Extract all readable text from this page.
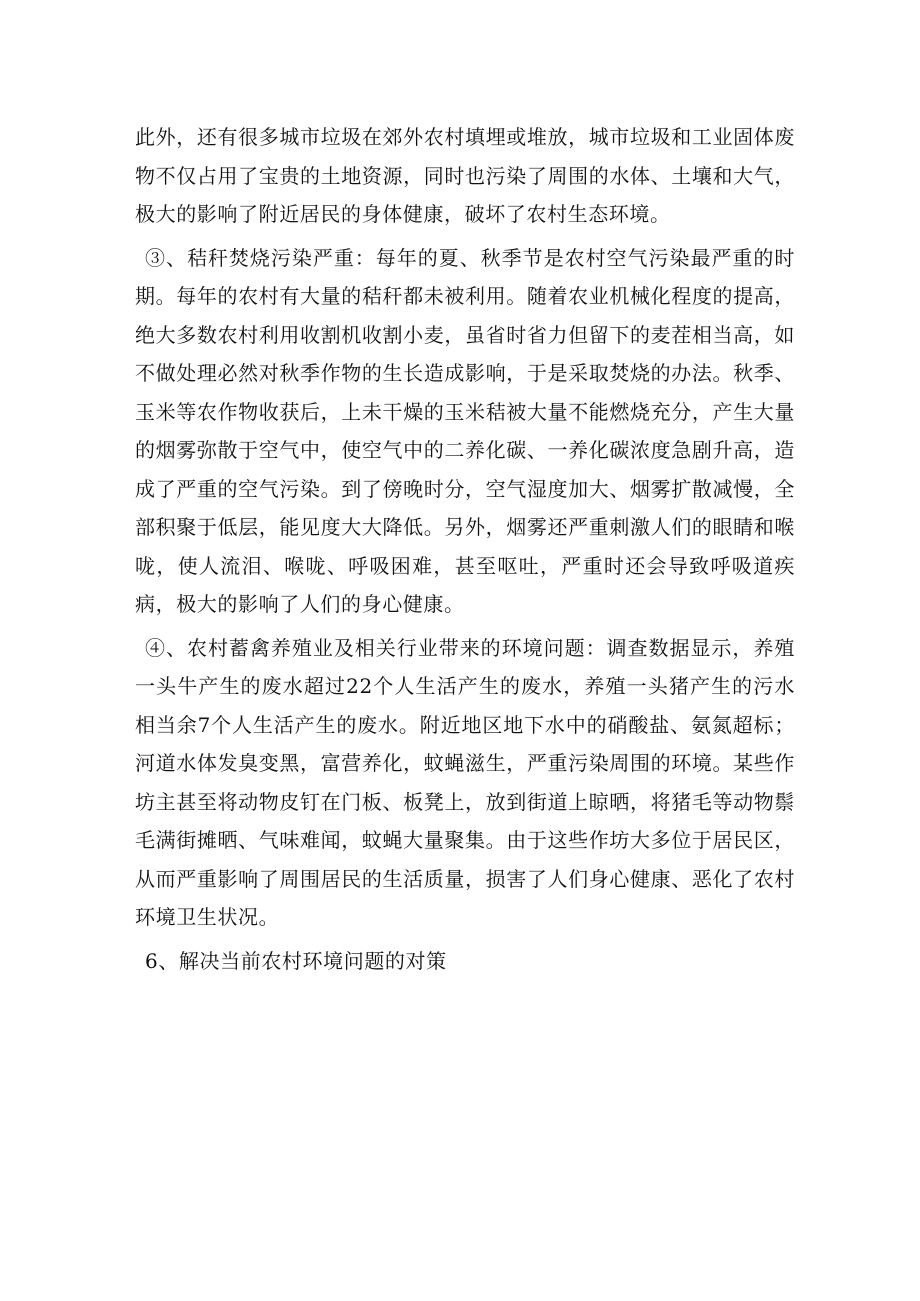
此外，还有很多城市垃圾在郊外农村填埋或堆放，城市垃圾和工业固体废物不仅占用了宝贵的土地资源，同时也污染了周围的水体、土壤和大气，极大的影响了附近居民的身体健康，破坏了农村生态环境。

③、秸秆焚烧污染严重：每年的夏、秋季节是农村空气污染最严重的时期。每年的农村有大量的秸秆都未被利用。随着农业机械化程度的提高，绝大多数农村利用收割机收割小麦，虽省时省力但留下的麦茬相当高，如不做处理必然对秋季作物的生长造成影响，于是采取焚烧的办法。秋季、玉米等农作物收获后，上未干燥的玉米秸被大量不能燃烧充分，产生大量的烟雾弥散于空气中，使空气中的二养化碳、一养化碳浓度急剧升高，造成了严重的空气污染。到了傍晚时分，空气湿度加大、烟雾扩散减慢，全部积聚于低层，能见度大大降低。另外，烟雾还严重刺激人们的眼睛和喉咙，使人流泪、喉咙、呼吸困难，甚至呕吐，严重时还会导致呼吸道疾病，极大的影响了人们的身心健康。

④、农村蓄禽养殖业及相关行业带来的环境问题：调查数据显示，养殖一头牛产生的废水超过22个人生活产生的废水，养殖一头猪产生的污水相当余7个人生活产生的废水。附近地区地下水中的硝酸盐、氨氮超标；河道水体发臭变黑，富营养化，蚊蝇滋生，严重污染周围的环境。某些作坊主甚至将动物皮钉在门板、板凳上，放到街道上晾晒，将猪毛等动物鬃毛满街摊晒、气味难闻，蚊蝇大量聚集。由于这些作坊大多位于居民区，从而严重影响了周围居民的生活质量，损害了人们身心健康、恶化了农村环境卫生状况。

6、解决当前农村环境问题的对策
